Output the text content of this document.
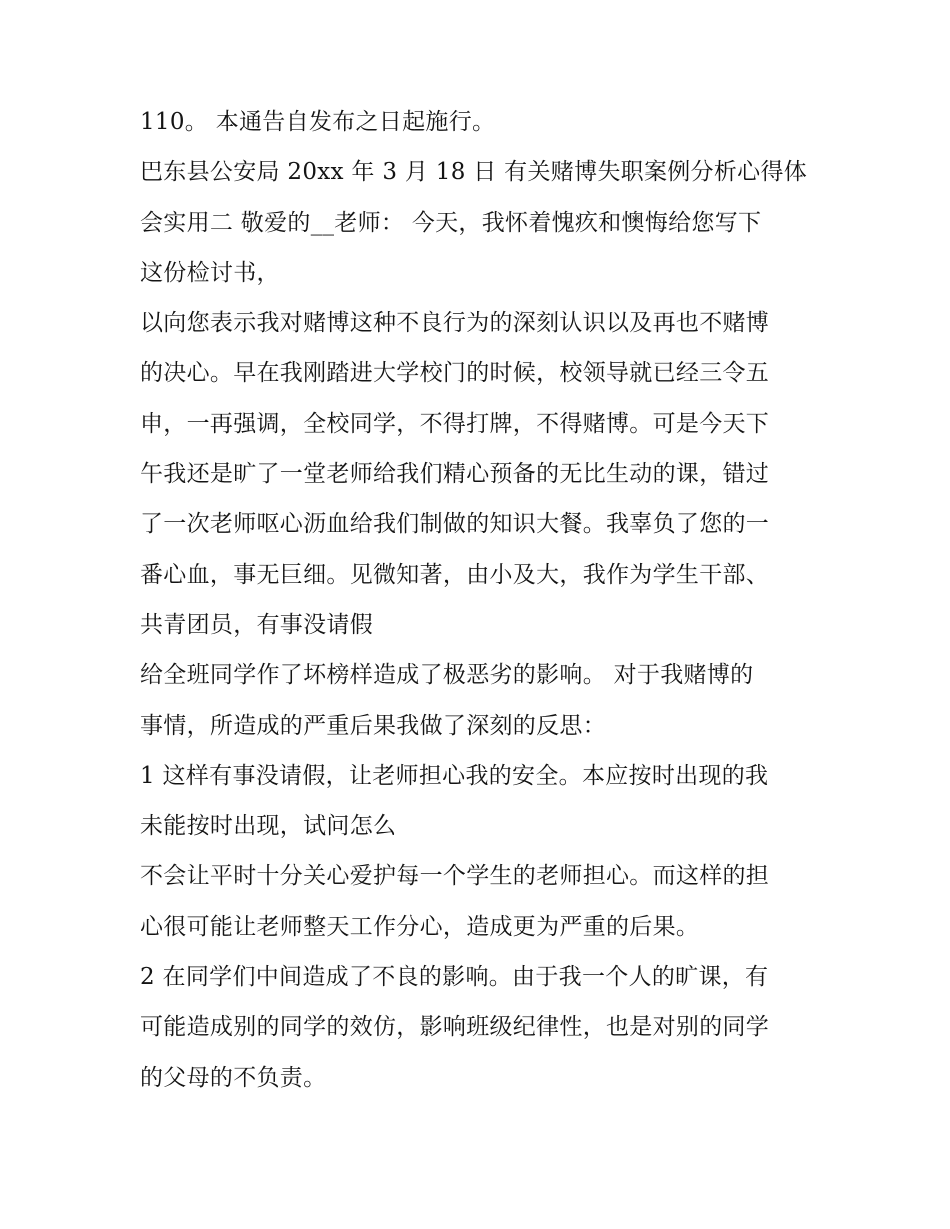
110。 本通告自发布之日起施行。
巴东县公安局 20xx 年 3 月 18 日 有关赌博失职案例分析心得体
会实用二 敬爱的__老师： 今天，我怀着愧疚和懊悔给您写下
这份检讨书，
以向您表示我对赌博这种不良行为的深刻认识以及再也不赌博
的决心。早在我刚踏进大学校门的时候，校领导就已经三令五
申，一再强调，全校同学，不得打牌，不得赌博。可是今天下
午我还是旷了一堂老师给我们精心预备的无比生动的课，错过
了一次老师呕心沥血给我们制做的知识大餐。我辜负了您的一
番心血，事无巨细。见微知著，由小及大，我作为学生干部、
共青团员，有事没请假
给全班同学作了坏榜样造成了极恶劣的影响。 对于我赌博的
事情，所造成的严重后果我做了深刻的反思：
1 这样有事没请假，让老师担心我的安全。本应按时出现的我
未能按时出现，试问怎么
不会让平时十分关心爱护每一个学生的老师担心。而这样的担
心很可能让老师整天工作分心，造成更为严重的后果。
2 在同学们中间造成了不良的影响。由于我一个人的旷课，有
可能造成别的同学的效仿，影响班级纪律性，也是对别的同学
的父母的不负责。
